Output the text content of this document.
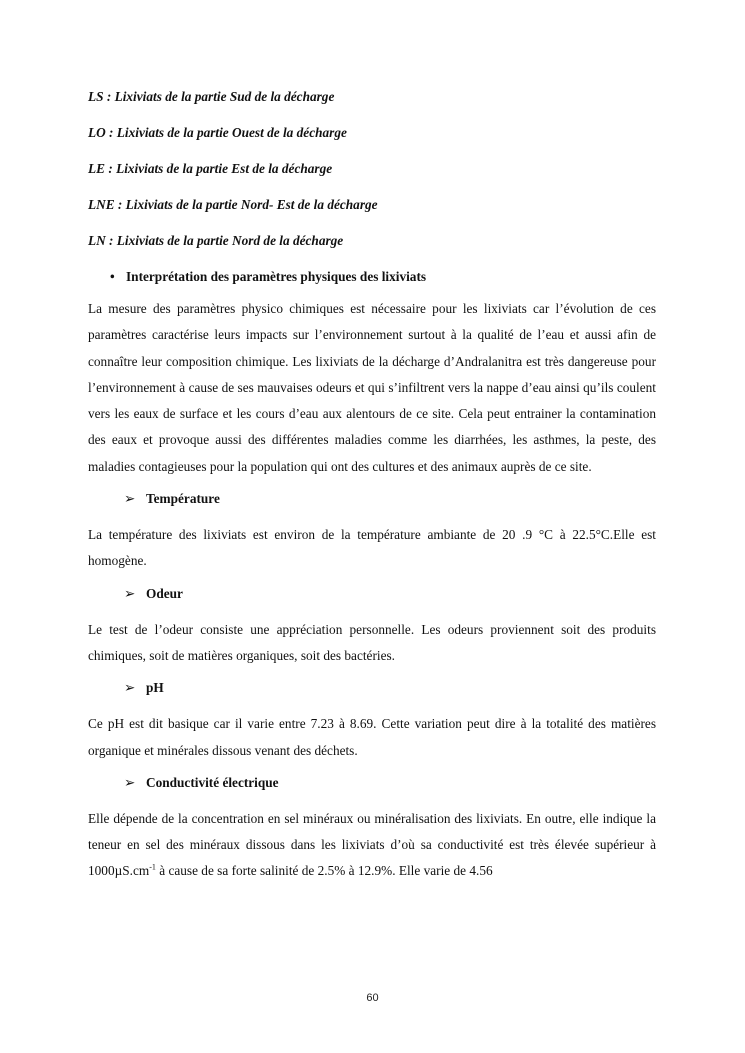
LS : Lixiviats de la partie Sud de la décharge
LO : Lixiviats de la partie Ouest de la décharge
LE : Lixiviats de la partie Est de la décharge
LNE : Lixiviats de la partie Nord- Est de la décharge
LN : Lixiviats de la partie Nord de la décharge
• Interprétation des paramètres physiques des lixiviats

La mesure des paramètres physico chimiques est nécessaire pour les lixiviats car l’évolution de ces paramètres caractérise leurs impacts sur l’environnement surtout à la qualité de l’eau et aussi afin de connaître leur composition chimique. Les lixiviats de la décharge d’Andralanitra est très dangereuse pour l’environnement à cause de ses mauvaises odeurs et qui s’infiltrent vers la nappe d’eau ainsi qu’ils coulent vers les eaux de surface et les cours d’eau aux alentours de ce site. Cela peut entrainer la contamination des eaux et provoque aussi des différentes maladies comme les diarrhées, les asthmes, la peste, des maladies contagieuses pour la population qui ont des cultures et des animaux auprès de ce site.

➢ Température

La température des lixiviats est environ de la température ambiante de 20 .9 °C à 22.5°C.Elle est homogène.

➢ Odeur

Le test de l’odeur consiste une appréciation personnelle. Les odeurs proviennent soit des produits chimiques, soit de matières organiques, soit des bactéries.

➢ pH

Ce pH est dit basique car il varie entre 7.23 à 8.69. Cette variation peut dire à la totalité des matières organique et minérales dissous venant des déchets.

➢ Conductivité électrique

Elle dépende de la concentration en sel minéraux ou minéralisation des lixiviats. En outre, elle indique la teneur en sel des minéraux dissous dans les lixiviats d’où sa conductivité est très élevée supérieur à $1000\mu S.cm^{-1}$ à cause de sa forte salinité de 2.5% à 12.9%. Elle varie de 4.56

60
